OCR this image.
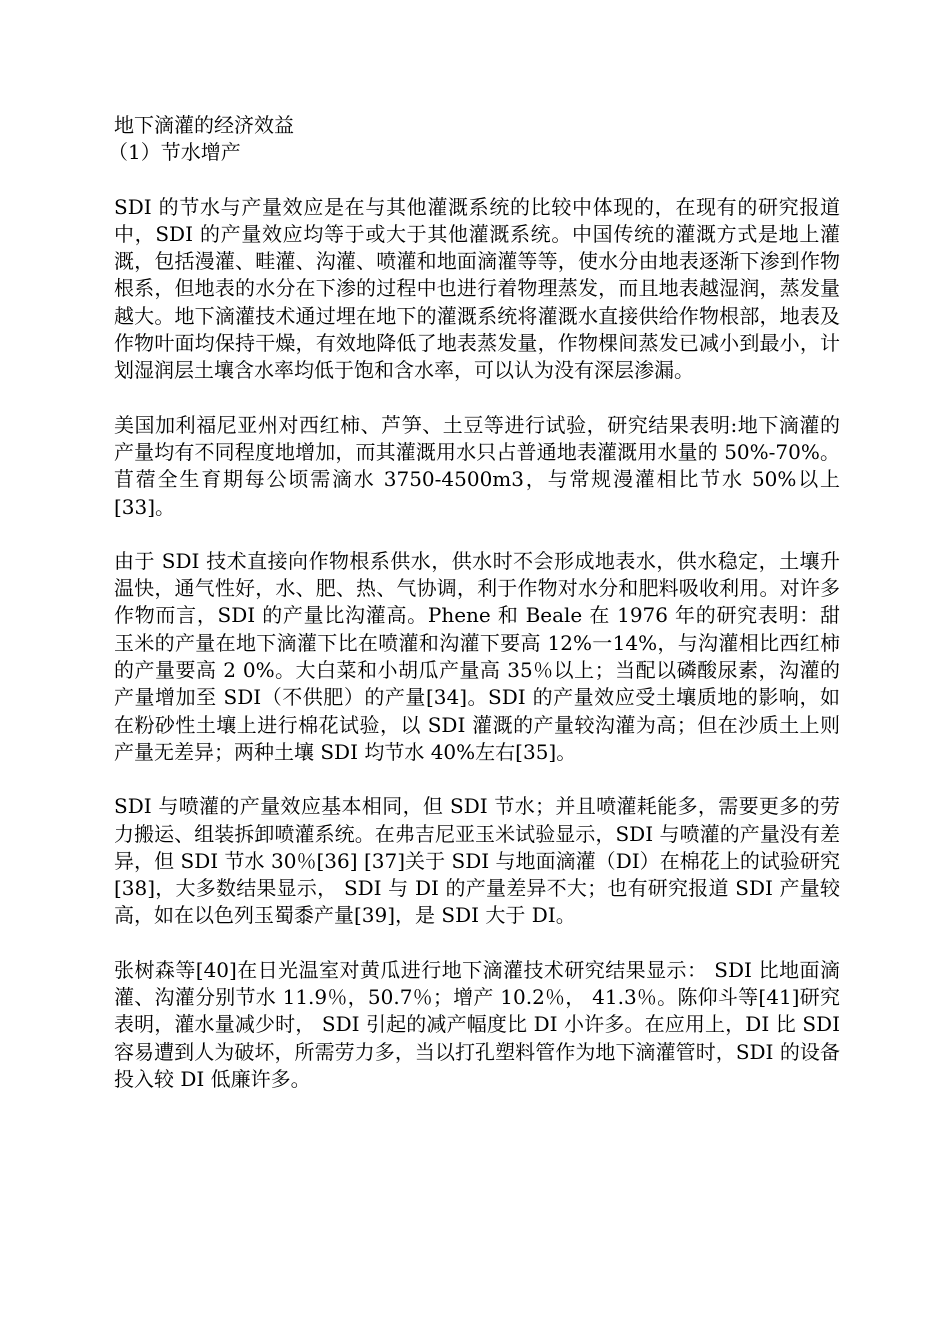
地下滴灌的经济效益

（1）节水增产

SDI 的节水与产量效应是在与其他灌溉系统的比较中体现的，在现有的研究报道中，SDI 的产量效应均等于或大于其他灌溉系统。中国传统的灌溉方式是地上灌溉，包括漫灌、畦灌、沟灌、喷灌和地面滴灌等等，使水分由地表逐渐下渗到作物根系，但地表的水分在下渗的过程中也进行着物理蒸发，而且地表越湿润，蒸发量越大。地下滴灌技术通过埋在地下的灌溉系统将灌溉水直接供给作物根部，地表及作物叶面均保持干燥，有效地降低了地表蒸发量，作物棵间蒸发已减小到最小，计划湿润层土壤含水率均低于饱和含水率，可以认为没有深层渗漏。

美国加利福尼亚州对西红柿、芦笋、土豆等进行试验，研究结果表明:地下滴灌的产量均有不同程度地增加，而其灌溉用水只占普通地表灌溉用水量的 50%-70%。苜蓿全生育期每公顷需滴水 3750-4500m3，与常规漫灌相比节水 50%以上[33]。

由于 SDI 技术直接向作物根系供水，供水时不会形成地表水，供水稳定，土壤升温快，通气性好，水、肥、热、气协调，利于作物对水分和肥料吸收利用。对许多作物而言，SDI 的产量比沟灌高。Phene 和 Beale 在 1976 年的研究表明：甜玉米的产量在地下滴灌下比在喷灌和沟灌下要高 12%一14%，与沟灌相比西红柿的产量要高 2 0%。大白菜和小胡瓜产量高 35％以上；当配以磷酸尿素，沟灌的产量增加至 SDI（不供肥）的产量[34]。SDI 的产量效应受土壤质地的影响，如在粉砂性土壤上进行棉花试验，以 SDI 灌溉的产量较沟灌为高；但在沙质土上则产量无差异；两种土壤 SDI 均节水 40%左右[35]。

SDI 与喷灌的产量效应基本相同，但 SDI 节水；并且喷灌耗能多，需要更多的劳力搬运、组装拆卸喷灌系统。在弗吉尼亚玉米试验显示，SDI 与喷灌的产量没有差异，但 SDI 节水 30％[36] [37]关于 SDI 与地面滴灌（DI）在棉花上的试验研究[38]，大多数结果显示， SDI 与 DI 的产量差异不大；也有研究报道 SDI 产量较高，如在以色列玉蜀黍产量[39]，是 SDI 大于 DI。

张树森等[40]在日光温室对黄瓜进行地下滴灌技术研究结果显示： SDI 比地面滴灌、沟灌分别节水 11.9％，50.7％；增产 10.2％， 41.3％。陈仰斗等[41]研究表明，灌水量减少时， SDI 引起的减产幅度比 DI 小许多。在应用上，DI 比 SDI 容易遭到人为破坏，所需劳力多，当以打孔塑料管作为地下滴灌管时，SDI 的设备投入较 DI 低廉许多。
